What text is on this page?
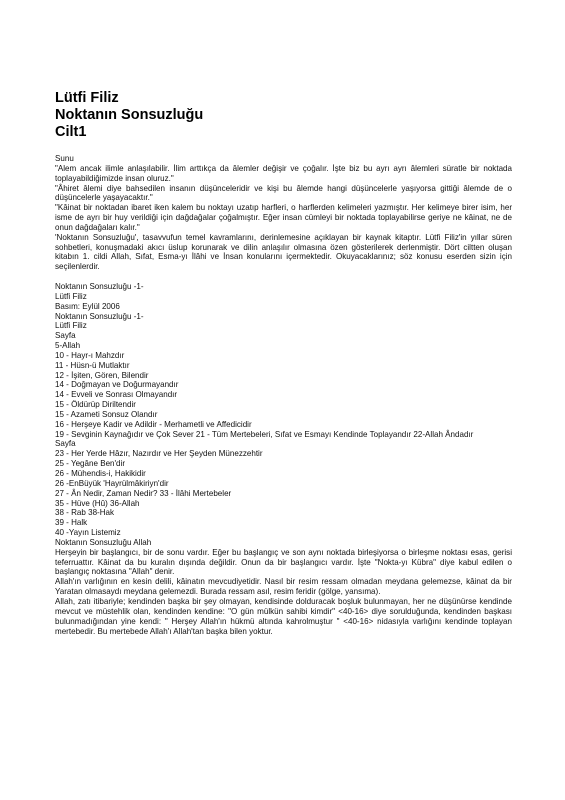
Lütfi Filiz
Noktanın Sonsuzluğu
Cilt1

Sunu

"Alem ancak ilimle anlaşılabilir. İlim arttıkça da âlemler değişir ve çoğalır. İşte biz bu ayrı ayrı âlemleri süratle bir noktada toplayabildiğimizde insan oluruz."

"Âhiret âlemi diye bahsedilen insanın düşünceleridir ve kişi bu âlemde hangi düşüncelerle yaşıyorsa gittiği âlemde de o düşüncelerle yaşayacaktır."

"Kâinat bir noktadan ibaret iken kalem bu noktayı uzatıp harfleri, o harflerden kelimeleri yazmıştır. Her kelimeye birer isim, her isme de ayrı bir huy verildiği için dağdağalar çoğalmıştır. Eğer insan cümleyi bir noktada toplayabilirse geriye ne kâinat, ne de onun dağdağaları kalır."

'Noktanın Sonsuzluğu', tasavvufun temel kavramlarını, derinlemesine açıklayan bir kaynak kitaptır. Lütfi Filiz'in yıllar süren sohbetleri, konuşmadaki akıcı üslup korunarak ve dilin anlaşılır olmasına özen gösterilerek derlenmiştir. Dört ciltten oluşan kitabın 1. cildi Allah, Sıfat, Esma-yı İlâhi ve İnsan konularını içermektedir. Okuyacaklarınız; söz konusu eserden sizin için seçilenlerdir.

Noktanın Sonsuzluğu -1-

Lütfi Filiz

Basım: Eylül 2006

Noktanın Sonsuzluğu -1-

Lütfi Filiz

Sayfa

5-Allah

10 - Hayr-ı Mahzdır

11 - Hüsn-ü Mutlaktır

12 - İşiten, Gören, Bilendir

14 - Doğmayan ve Doğurmayandır

14 - Evveli ve Sonrası Olmayandır

15 - Öldürüp Diriltendir

15 - Azameti Sonsuz Olandır

16 - Herşeye Kadir ve Adildir - Merhametli ve Affedicidir

19 - Sevginin Kaynağıdır ve Çok Sever 21 - Tüm Mertebeleri, Sıfat ve Esmayı Kendinde Toplayandır 22-Allah Ândadır

Sayfa

23 - Her Yerde Hâzır, Nazırdır ve Her Şeyden Münezzehtir

25 - Yegâne Ben'dir

26 - Mühendis-i, Hakikidir

26 -EnBüyük 'Hayrülmâkiriyn'dir

27 - Ân Nedir, Zaman Nedir? 33 - İlâhi Mertebeler

35 - Hüve (Hû) 36-Allah

38 - Rab 38-Hak

39 - Halk

40 -Yayın Listemiz

Noktanın Sonsuzluğu Allah

Herşeyin bir başlangıcı, bir de sonu vardır. Eğer bu başlangıç ve son aynı noktada birleşiyorsa o birleşme noktası esas, gerisi teferruattır. Kâinat da bu kuralın dışında değildir. Onun da bir başlangıcı vardır. İşte "Nokta-yı Kübra" diye kabul edilen o başlangıç noktasına "Allah" denir.

Allah'ın varlığının en kesin delili, kâinatın mevcudiyetidir. Nasıl bir resim ressam olmadan meydana gelemezse, kâinat da bir Yaratan olmasaydı meydana gelemezdi. Burada ressam asıl, resim feridir (gölge, yansıma).

Allah, zatı itibariyle; kendinden başka bir şey olmayan, kendisinde dolduracak boşluk bulunmayan, her ne düşünürse kendinde mevcut ve müstehlik olan, kendinden kendine: "O gün mülkün sahibi kimdir" <40-16> diye sorulduğunda, kendinden başkası bulunmadığından yine kendi: " Herşey Allah'ın hükmü altında kahrolmuştur " <40-16> nidasıyla varlığını kendinde toplayan mertebedir. Bu mertebede Allah'ı Allah'tan başka bilen yoktur.
